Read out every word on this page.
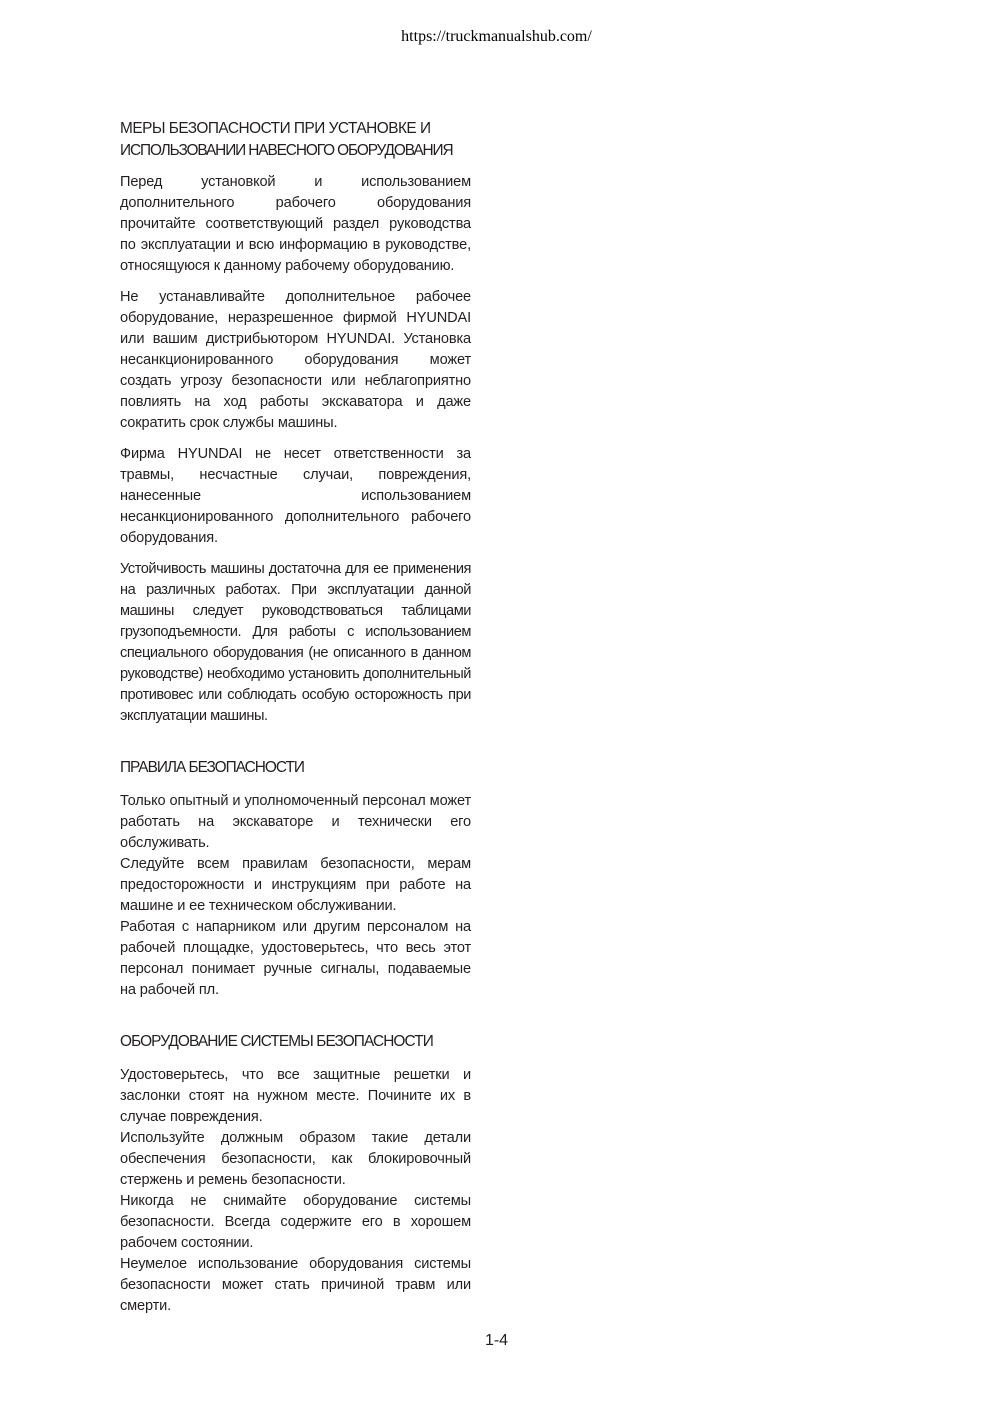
https://truckmanualshub.com/
МЕРЫ БЕЗОПАСНОСТИ ПРИ УСТАНОВКЕ И
ИСПОЛЬЗОВАНИИ НАВЕСНОГО ОБОРУДОВАНИЯ

Перед установкой и использованием дополнительного рабочего оборудования прочитайте соответствующий раздел руководства по эксплуатации и всю информацию в руководстве, относящуюся к данному рабочему оборудованию.

Не устанавливайте дополнительное рабочее оборудование, неразрешенное фирмой HYUNDAI или вашим дистрибьютором HYUNDAI. Установка несанкционированного оборудования может создать угрозу безопасности или неблагоприятно повлиять на ход работы экскаватора и даже сократить срок службы машины.

Фирма HYUNDAI не несет ответственности за травмы, несчастные случаи, повреждения, нанесенные использованием несанкционированного дополнительного рабочего оборудования.

Устойчивость машины достаточна для ее применения на различных работах. При эксплуатации данной машины следует руководствоваться таблицами грузоподъемности. Для работы с использованием специального оборудования (не описанного в данном руководстве) необходимо установить дополнительный противовес или соблюдать особую осторожность при эксплуатации машины.

ПРАВИЛА БЕЗОПАСНОСТИ

Только опытный и уполномоченный персонал может работать на экскаваторе и технически его обслуживать.

Следуйте всем правилам безопасности, мерам предосторожности и инструкциям при работе на машине и ее техническом обслуживании.

Работая с напарником или другим персоналом на рабочей площадке, удостоверьтесь, что весь этот персонал понимает ручные сигналы, подаваемые на рабочей пл.

ОБОРУДОВАНИЕ СИСТЕМЫ БЕЗОПАСНОСТИ

Удостоверьтесь, что все защитные решетки и заслонки стоят на нужном месте. Почините их в случае повреждения.

Используйте должным образом такие детали обеспечения безопасности, как блокировочный стержень и ремень безопасности.

Никогда не снимайте оборудование системы безопасности. Всегда содержите его в хорошем рабочем состоянии.

Неумелое использование оборудования системы безопасности может стать причиной травм или смерти.

1-4
